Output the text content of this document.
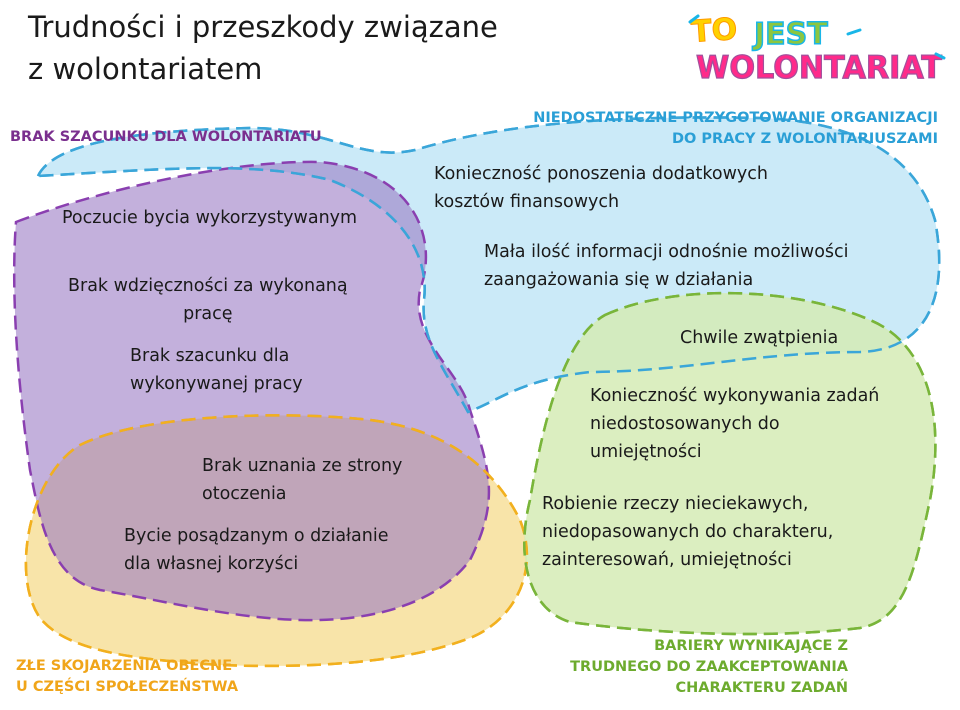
Trudności i przeszkody związane
z wolontariatem
TO JEST
WOLONTARIAT
BRAK SZACUNKU DLA WOLONTARIATU
NIEDOSTATECZNE PRZYGOTOWANIE ORGANIZACJI
DO PRACY Z WOLONTARIUSZAMI
ZŁE SKOJARZENIA OBECNE
U CZĘŚCI SPOŁECZEŃSTWA
BARIERY WYNIKAJĄCE Z
TRUDNEGO DO ZAAKCEPTOWANIA
CHARAKTERU ZADAŃ
Poczucie bycia wykorzystywanym
Brak wdzięczności za wykonaną
pracę
Brak szacunku dla
wykonywanej pracy
Konieczność ponoszenia dodatkowych
kosztów finansowych
Mała ilość informacji odnośnie możliwości
zaangażowania się w działania
Chwile zwątpienia
Konieczność wykonywania zadań
niedostosowanych do
umiejętności
Robienie rzeczy nieciekawych,
niedopasowanych do charakteru,
zainteresowań, umiejętności
Brak uznania ze strony
otoczenia
Bycie posądzanym o działanie
dla własnej korzyści
